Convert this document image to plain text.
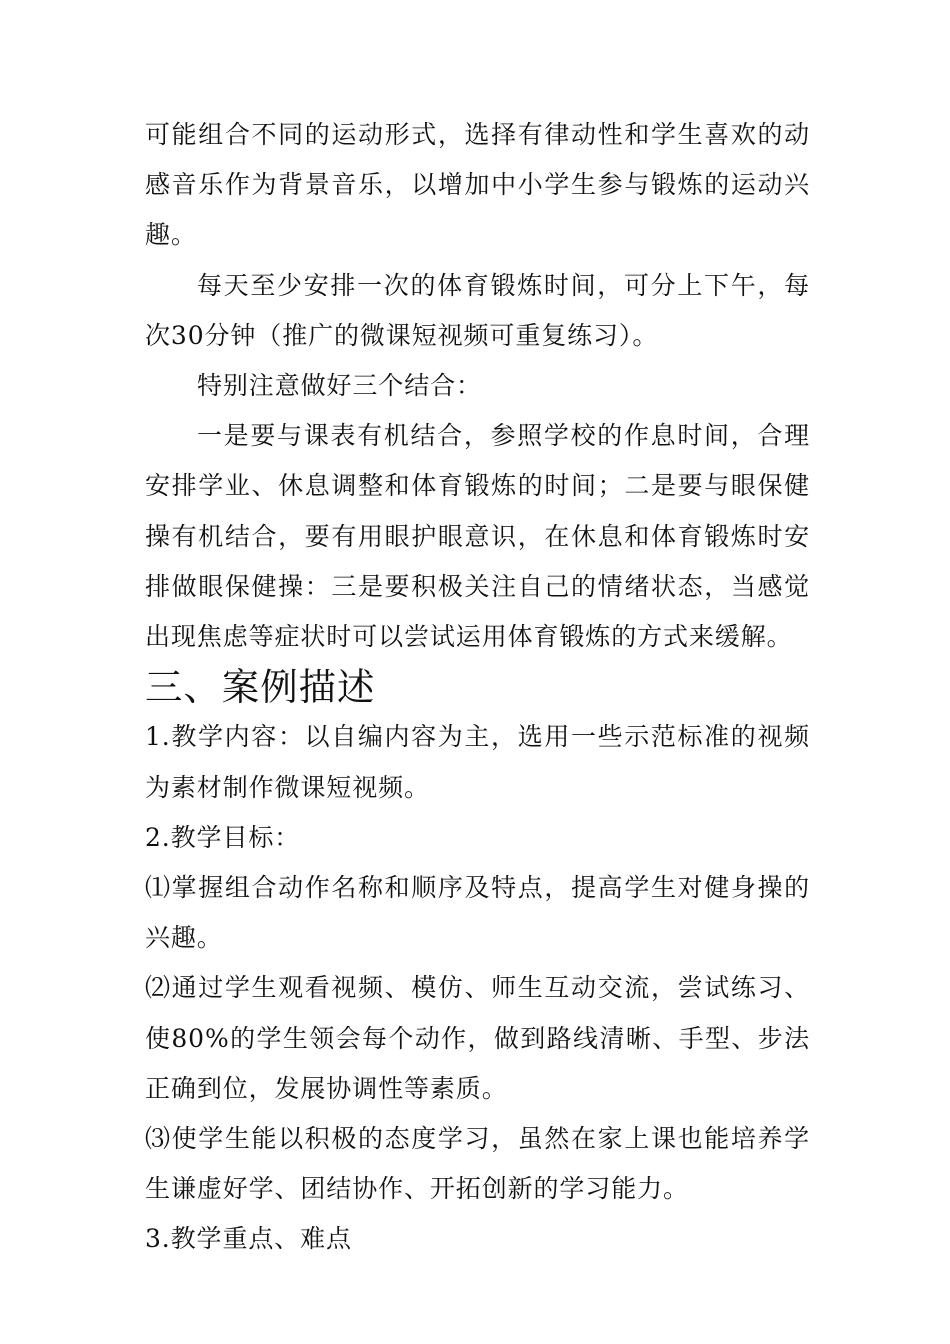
可能组合不同的运动形式，选择有律动性和学生喜欢的动感音乐作为背景音乐，以增加中小学生参与锻炼的运动兴趣。

每天至少安排一次的体育锻炼时间，可分上下午，每次30分钟（推广的微课短视频可重复练习）。

特别注意做好三个结合：

一是要与课表有机结合，参照学校的作息时间，合理安排学业、休息调整和体育锻炼的时间；二是要与眼保健操有机结合，要有用眼护眼意识，在休息和体育锻炼时安排做眼保健操：三是要积极关注自己的情绪状态，当感觉出现焦虑等症状时可以尝试运用体育锻炼的方式来缓解。

三、案例描述

1.教学内容：以自编内容为主，选用一些示范标准的视频为素材制作微课短视频。

2.教学目标：

⑴掌握组合动作名称和顺序及特点，提高学生对健身操的兴趣。

⑵通过学生观看视频、模仿、师生互动交流，尝试练习、使80%的学生领会每个动作，做到路线清晰、手型、步法正确到位，发展协调性等素质。

⑶使学生能以积极的态度学习，虽然在家上课也能培养学生谦虚好学、团结协作、开拓创新的学习能力。

3.教学重点、难点
